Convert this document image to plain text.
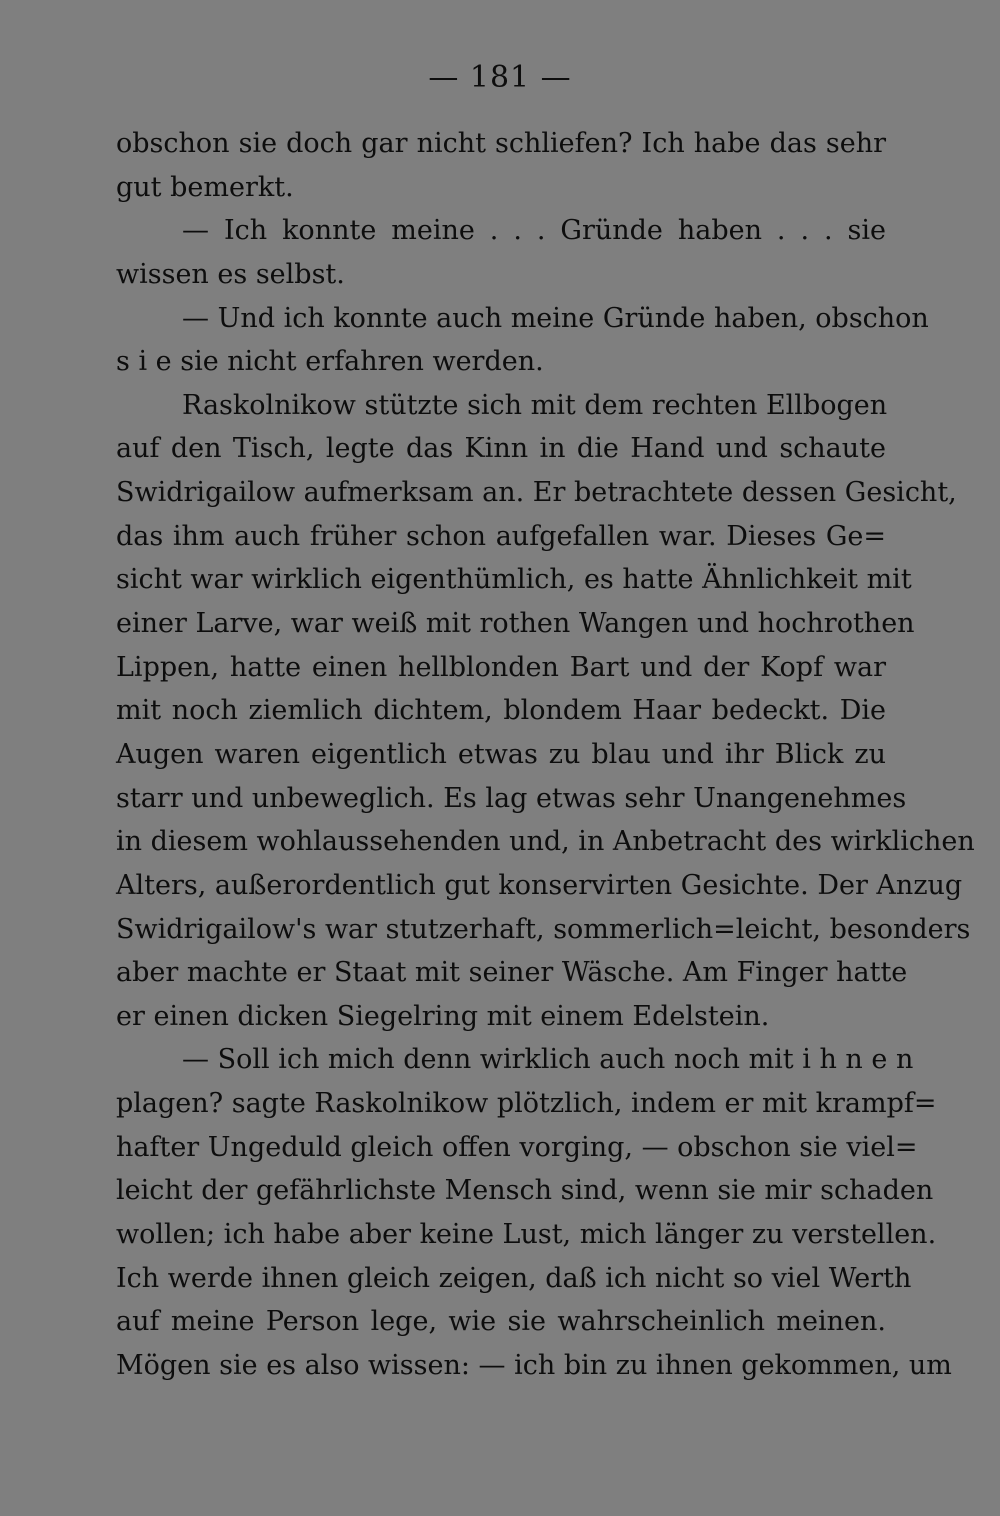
— 181 —
obschon sie doch gar nicht schliefen? Ich habe das sehr
gut bemerkt.
— Ich konnte meine . . . Gründe haben . . . sie
wissen es selbst.
— Und ich konnte auch meine Gründe haben, obschon
s i e sie nicht erfahren werden.
Raskolnikow stützte sich mit dem rechten Ellbogen
auf den Tisch, legte das Kinn in die Hand und schaute
Swidrigailow aufmerksam an. Er betrachtete dessen Gesicht,
das ihm auch früher schon aufgefallen war. Dieses Ge=
sicht war wirklich eigenthümlich, es hatte Ähnlichkeit mit
einer Larve, war weiß mit rothen Wangen und hochrothen
Lippen, hatte einen hellblonden Bart und der Kopf war
mit noch ziemlich dichtem, blondem Haar bedeckt. Die
Augen waren eigentlich etwas zu blau und ihr Blick zu
starr und unbeweglich. Es lag etwas sehr Unangenehmes
in diesem wohlaussehenden und, in Anbetracht des wirklichen
Alters, außerordentlich gut konservirten Gesichte. Der Anzug
Swidrigailow's war stutzerhaft, sommerlich=leicht, besonders
aber machte er Staat mit seiner Wäsche. Am Finger hatte
er einen dicken Siegelring mit einem Edelstein.
— Soll ich mich denn wirklich auch noch mit i h n e n
plagen? sagte Raskolnikow plötzlich, indem er mit krampf=
hafter Ungeduld gleich offen vorging, — obschon sie viel=
leicht der gefährlichste Mensch sind, wenn sie mir schaden
wollen; ich habe aber keine Lust, mich länger zu verstellen.
Ich werde ihnen gleich zeigen, daß ich nicht so viel Werth
auf meine Person lege, wie sie wahrscheinlich meinen.
Mögen sie es also wissen: — ich bin zu ihnen gekommen, um
